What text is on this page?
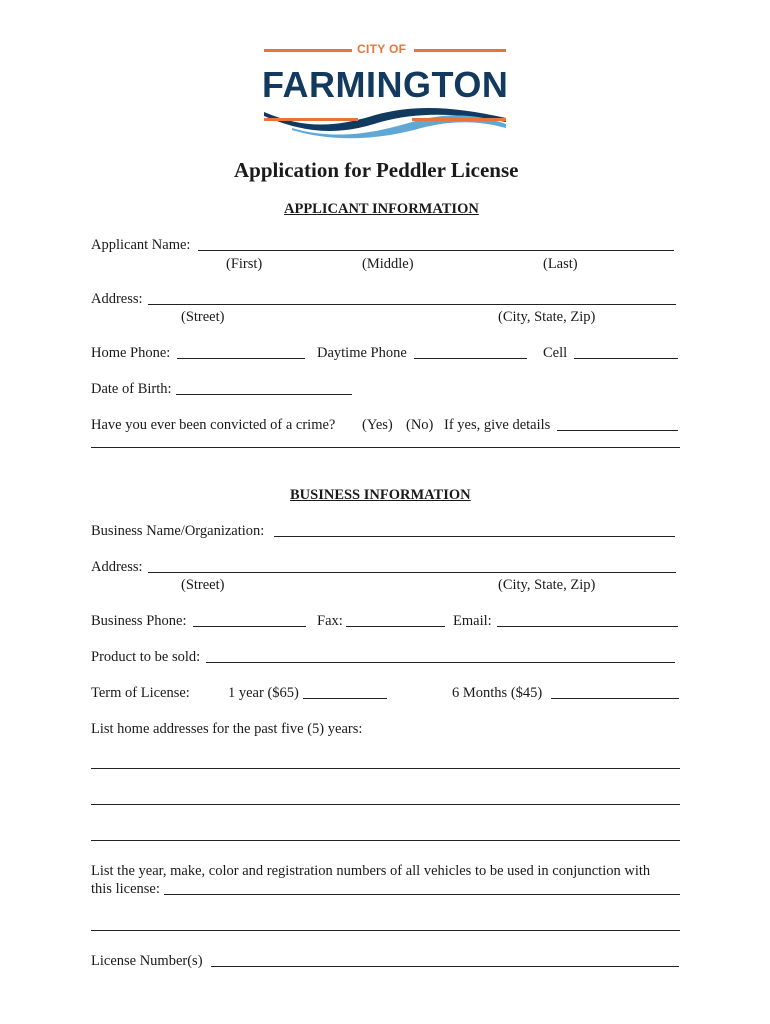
CITY OF
FARMINGTON
Application for Peddler License
APPLICANT INFORMATION
Applicant Name:
(First)	(Middle)	(Last)
Address:
(Street)	(City, State, Zip)
Home Phone:	Daytime Phone	Cell
Date of Birth:
Have you ever been convicted of a crime? (Yes) (No) If yes, give details
BUSINESS INFORMATION
Business Name/Organization:
Address:
(Street)	(City, State, Zip)
Business Phone:	Fax:	Email:
Product to be sold:
Term of License:	1 year ($65)	6 Months ($45)
List home addresses for the past five (5) years:
List the year, make, color and registration numbers of all vehicles to be used in conjunction with
this license:
License Number(s)
